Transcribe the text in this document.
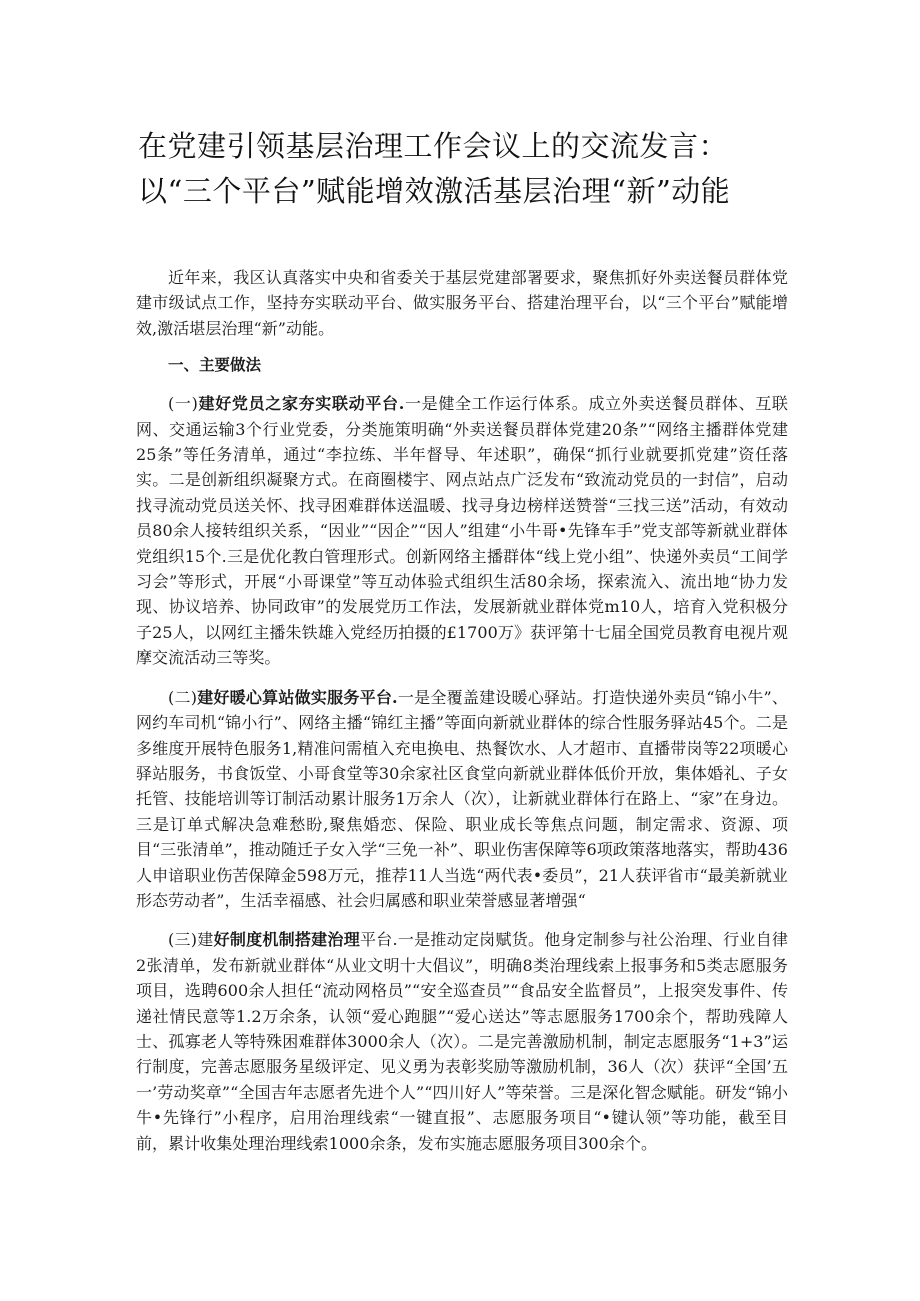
在党建引领基层治理工作会议上的交流发言：以“三个平台”赋能增效激活基层治理“新”动能

近年来，我区认真落实中央和省委关于基层党建部署要求，聚焦抓好外卖送餐员群体党建市级试点工作，坚持夯实联动平台、做实服务平台、搭建治理平台，以“三个平台”赋能增效,激活堪层治理“新”动能。

一、主要做法

(一)建好党员之家夯实联动平台.一是健全工作运行体系。成立外卖送餐员群体、互联网、交通运输3个行业党委，分类施策明确“外卖送餐员群体党建20条”“网络主播群体党建25条”等任务清单，通过“李拉练、半年督导、年述职”，确保“抓行业就要抓党建”资任落实。二是创新组织凝聚方式。在商圈楼宇、网点站点广泛发布“致流动党员的一封信”，启动找寻流动党员送关怀、找寻困难群体送温暖、找寻身边榜样送赞誉“三找三送”活动，有效动员80余人接转组织关系，“因业”“因企”“因人”组建“小牛哥•先锋车手”党支部等新就业群体党组织15个.三是优化教白管理形式。创新网络主播群体“线上党小组”、快递外卖员“工间学习会”等形式，开展“小哥课堂”等互动体验式组织生活80余场，探索流入、流出地“协力发现、协议培养、协同政审”的发展党历工作法，发展新就业群体党m10人，培育入党积极分子25人，以网红主播朱铁雄入党经历拍摄的£1700万》获评第十七届全国党员教育电视片观摩交流活动三等奖。

(二)建好暖心算站做实服务平台.一是全覆盖建设暖心驿站。打造快递外卖员“锦小牛”、网约车司机“锦小行”、网络主播“锦红主播”等面向新就业群体的综合性服务驿站45个。二是多维度开展特色服务1,精准问需植入充电换电、热餐饮水、人才超市、直播带岗等22项暖心驿站服务，书食饭堂、小哥食堂等30余家社区食堂向新就业群体低价开放，集体婚礼、子女托管、技能培训等订制活动累计服务1万余人（次），让新就业群体行在路上、“家”在身边。三是订单式解决急难愁盼,聚焦婚恋、保险、职业成长等焦点问题，制定需求、资源、项目“三张清单”，推动随迁子女入学“三免一补”、职业伤害保障等6项政策落地落实，帮助436人申谙职业伤苦保障金598万元，推荐11人当选“两代表•委员”，21人获评省市“最美新就业形态劳动者”，生活幸福感、社会归属感和职业荣誉感显著增强“

(三)建好制度机制搭建治理平台.一是推动定岗赋货。他身定制参与社公治理、行业自律2张清单，发布新就业群体“从业文明十大倡议”，明确8类治理线索上报事务和5类志愿服务项目，选聘600余人担任“流动网格员”“安全巡查员”“食品安全监督员”，上报突发事件、传递社情民意等1.2万余条，认领“爱心跑腿”“爱心送达”等志愿服务1700余个，帮助残障人士、孤寡老人等特殊困难群体3000余人（次）。二是完善激励机制，制定志愿服务“1+3”运行制度，完善志愿服务星级评定、见义勇为表彰奖励等激励机制，36人（次）获评“全国’五一’劳动奖章”“全国吉年志愿者先进个人”“四川好人”等荣誉。三是深化智念赋能。研发“锦小牛•先锋行”小程序，启用治理线索“一键直报”、志愿服务项目“•键认领”等功能，截至目前，累计收集处理治理线索1000余条，发布实施志愿服务项目300余个。
